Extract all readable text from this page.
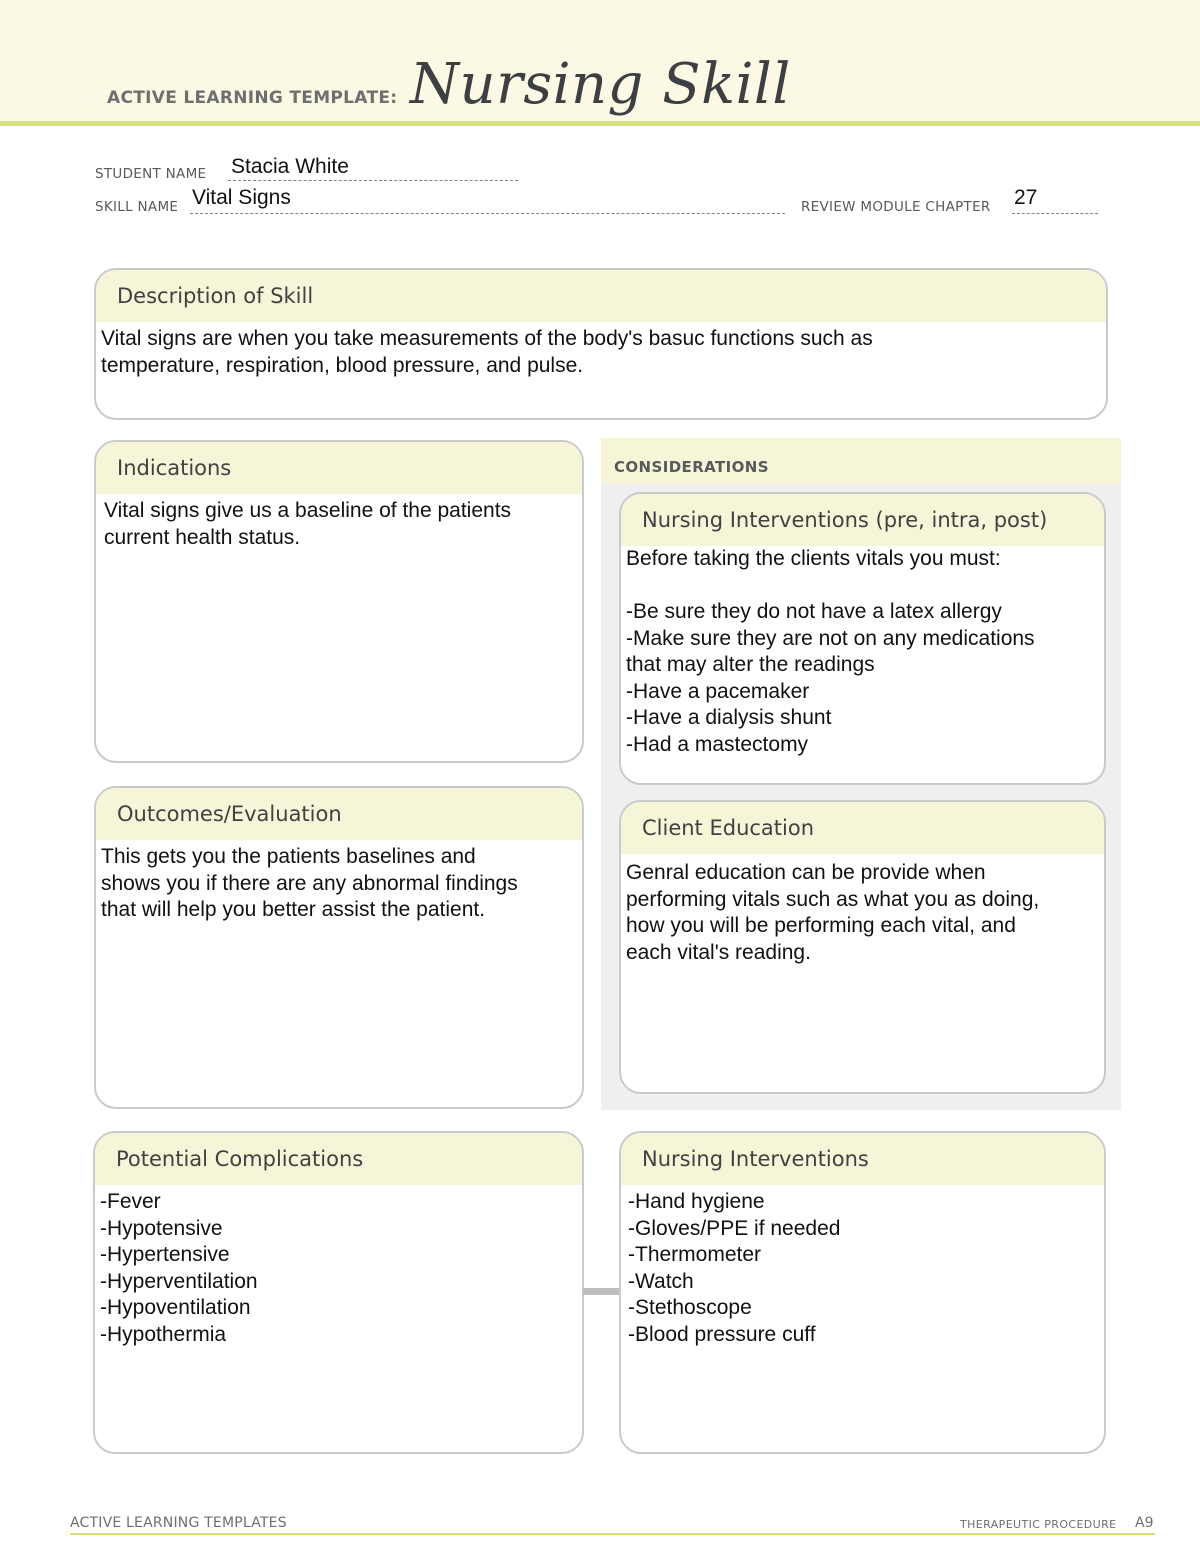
ACTIVE LEARNING TEMPLATE: Nursing Skill
STUDENT NAME Stacia White
SKILL NAME Vital Signs	REVIEW MODULE CHAPTER 27
Description of Skill
Vital signs are when you take measurements of the body's basuc functions such as
temperature, respiration, blood pressure, and pulse.
CONSIDERATIONS
Indications
Vital signs give us a baseline of the patients
current health status.
Nursing Interventions (pre, intra, post)
Before taking the clients vitals you must:

-Be sure they do not have a latex allergy
-Make sure they are not on any medications
that may alter the readings
-Have a pacemaker
-Have a dialysis shunt
-Had a mastectomy
Outcomes/Evaluation
This gets you the patients baselines and
shows you if there are any abnormal findings
that will help you better assist the patient.
Client Education
Genral education can be provide when
performing vitals such as what you as doing,
how you will be performing each vital, and
each vital's reading.
Potential Complications
-Fever
-Hypotensive
-Hypertensive
-Hyperventilation
-Hypoventilation
-Hypothermia
Nursing Interventions
-Hand hygiene
-Gloves/PPE if needed
-Thermometer
-Watch
-Stethoscope
-Blood pressure cuff
ACTIVE LEARNING TEMPLATES	THERAPEUTIC PROCEDURE A9
